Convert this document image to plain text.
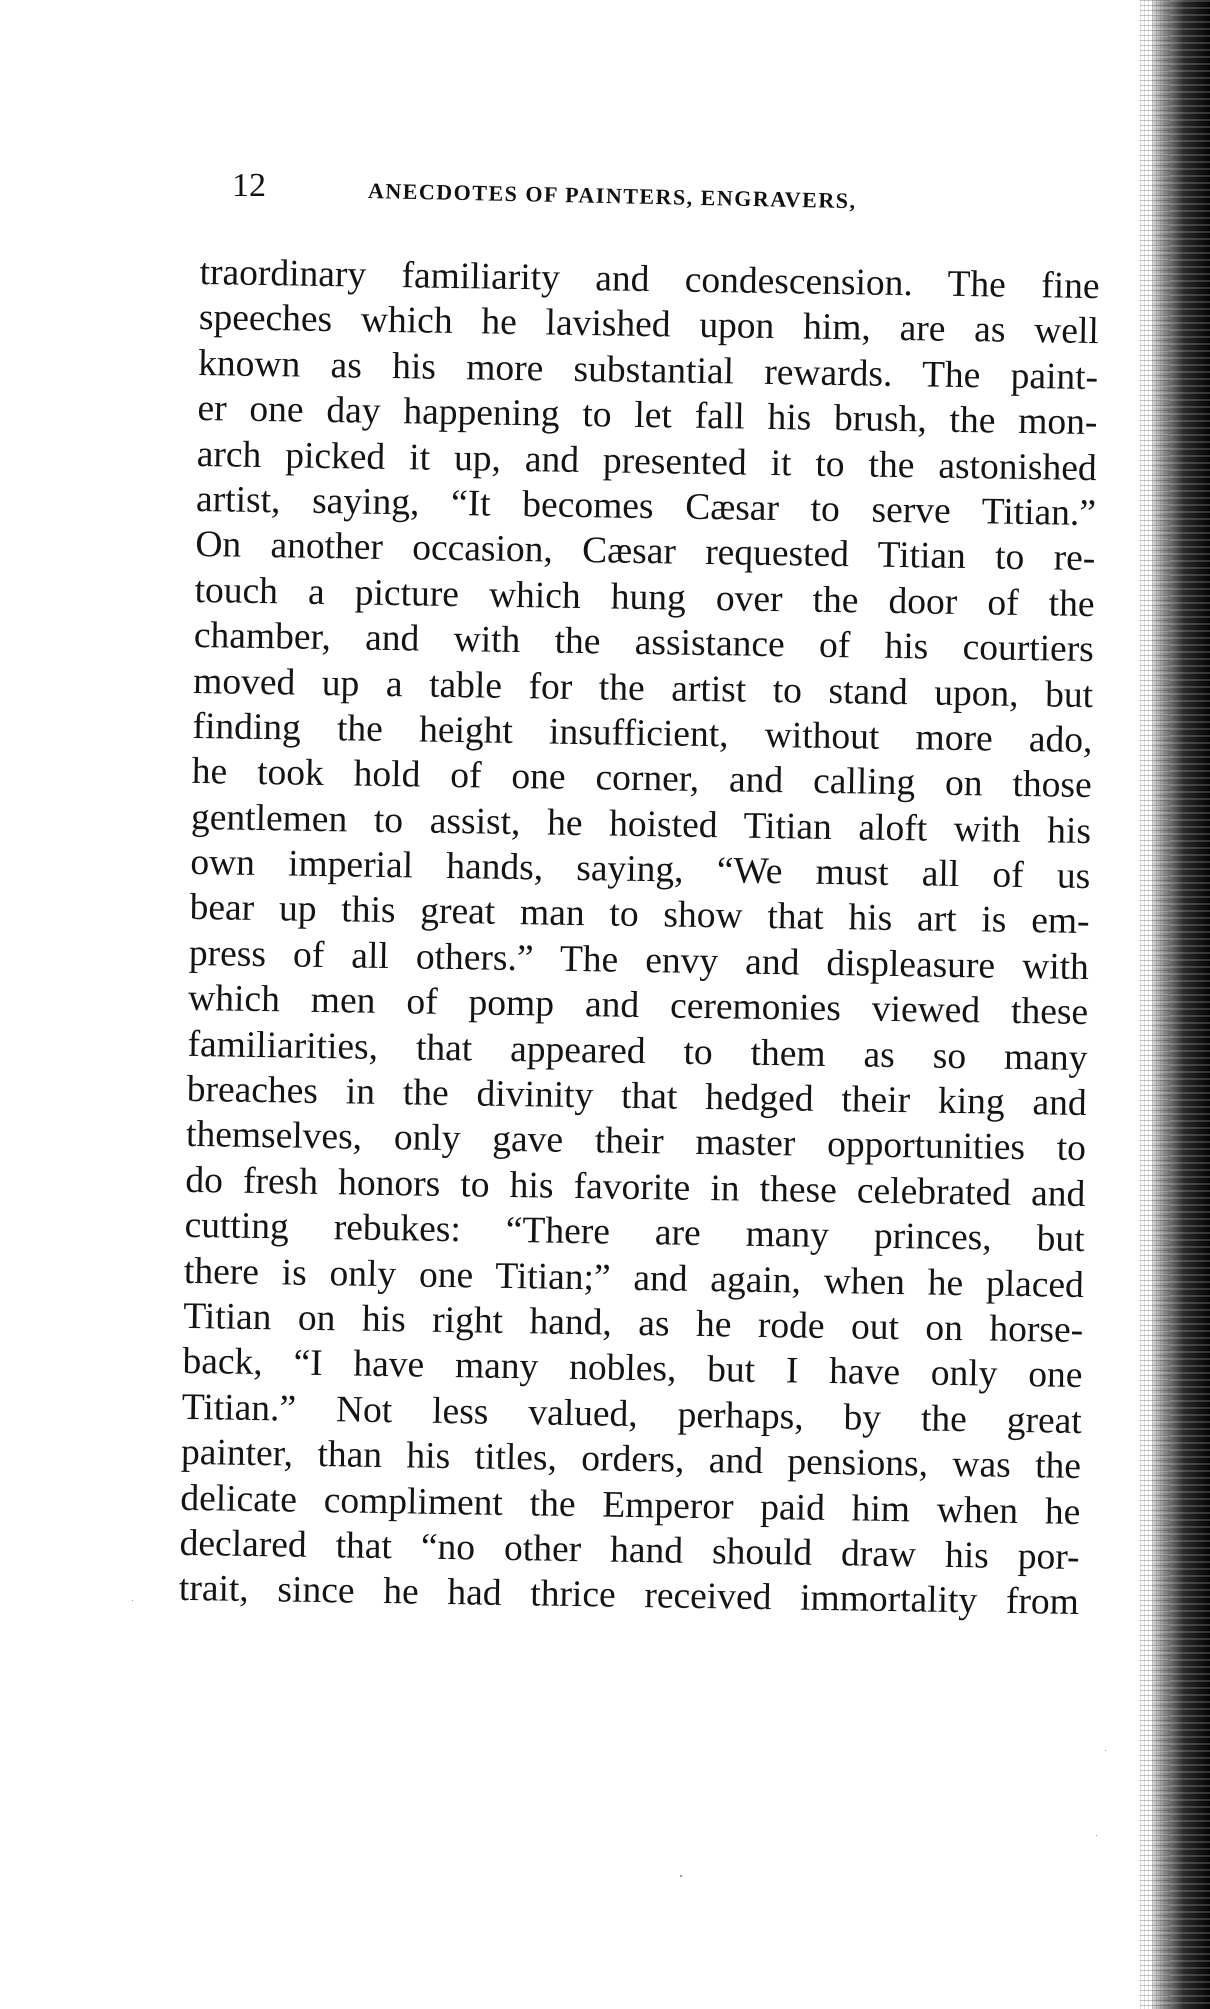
12	ANECDOTES OF PAINTERS, ENGRAVERS,
traordinary familiarity and condescension. The fine
speeches which he lavished upon him, are as well
known as his more substantial rewards. The paint-
er one day happening to let fall his brush, the mon-
arch picked it up, and presented it to the astonished
artist, saying, “It becomes Cæsar to serve Titian.”
On another occasion, Cæsar requested Titian to re-
touch a picture which hung over the door of the
chamber, and with the assistance of his courtiers
moved up a table for the artist to stand upon, but
finding the height insufficient, without more ado,
he took hold of one corner, and calling on those
gentlemen to assist, he hoisted Titian aloft with his
own imperial hands, saying, “We must all of us
bear up this great man to show that his art is em-
press of all others.” The envy and displeasure with
which men of pomp and ceremonies viewed these
familiarities, that appeared to them as so many
breaches in the divinity that hedged their king and
themselves, only gave their master opportunities to
do fresh honors to his favorite in these celebrated and
cutting rebukes: “There are many princes, but
there is only one Titian;” and again, when he placed
Titian on his right hand, as he rode out on horse-
back, “I have many nobles, but I have only one
Titian.” Not less valued, perhaps, by the great
painter, than his titles, orders, and pensions, was the
delicate compliment the Emperor paid him when he
declared that “no other hand should draw his por-
trait, since he had thrice received immortality from
